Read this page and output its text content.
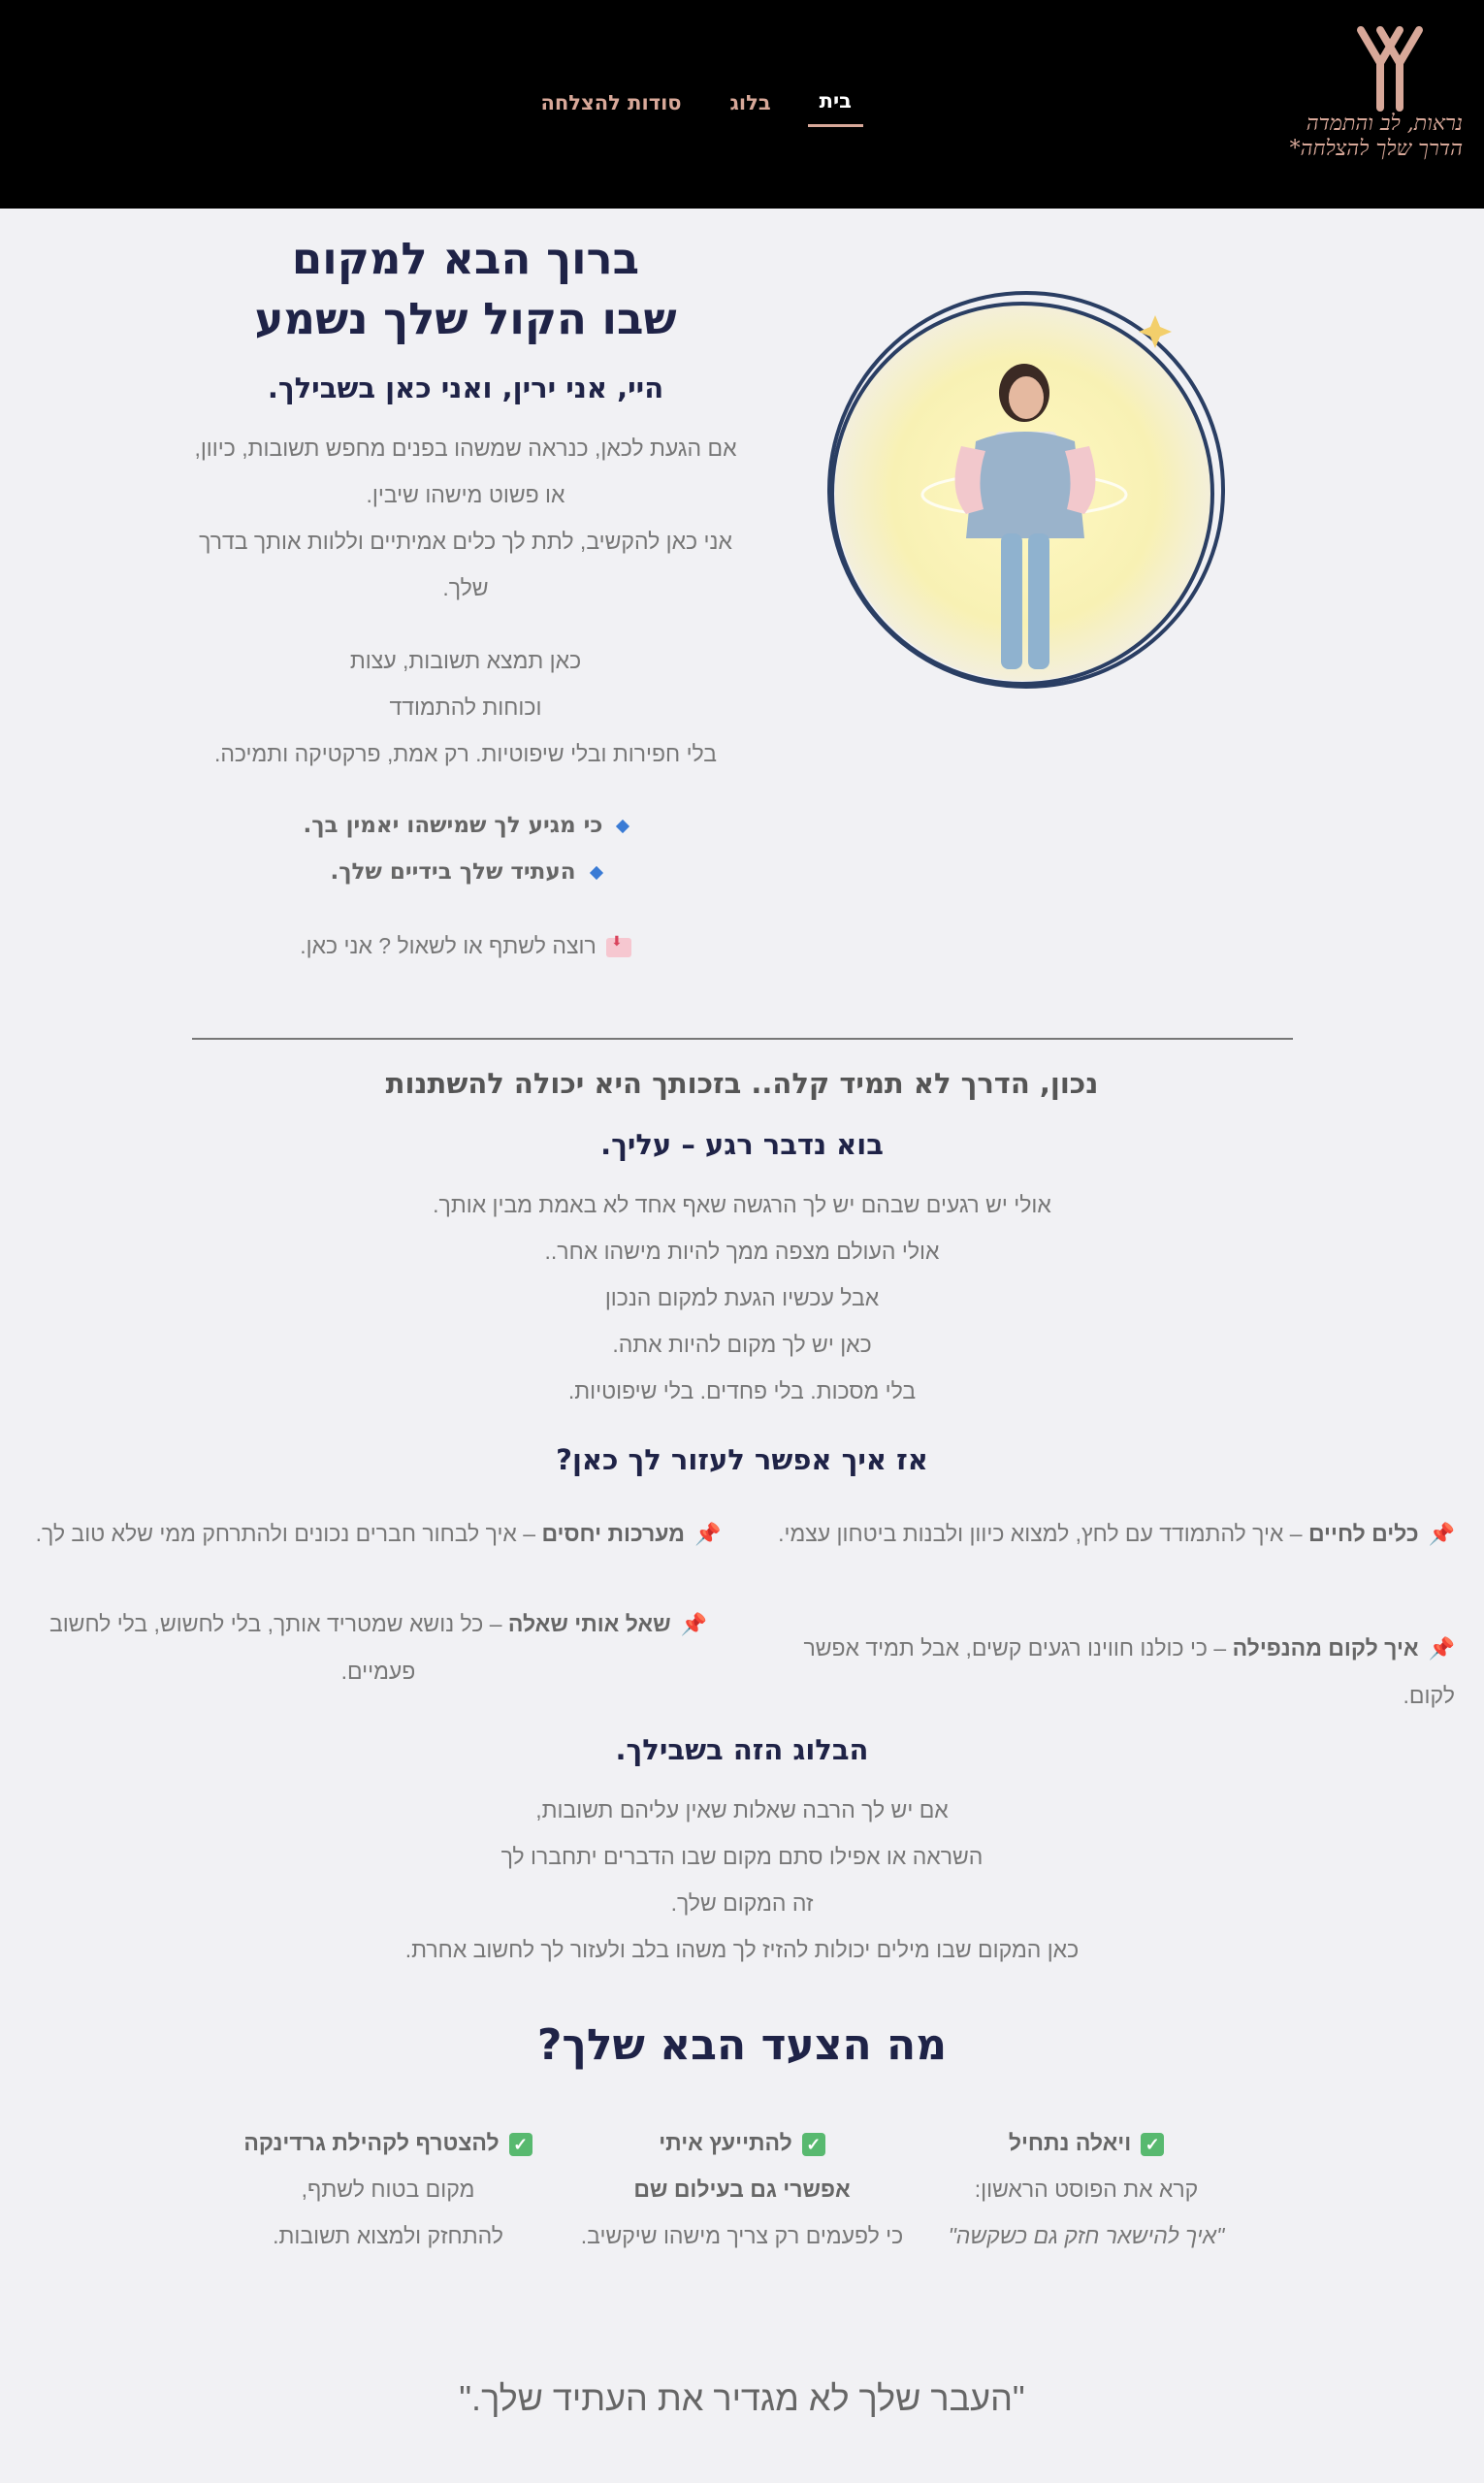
נראות, לב והתמדה
הדרך שלך להצלחה*
בית
בלוג
סודות להצלחה
ברוך הבא למקום
שבו הקול שלך נשמע
היי, אני ירין, ואני כאן בשבילך.

אם הגעת לכאן, כנראה שמשהו בפנים מחפש תשובות, כיוון,

או פשוט מישהו שיבין.

אני כאן להקשיב, לתת לך כלים אמיתיים וללוות אותך בדרך

שלך.

כאן תמצא תשובות, עצות

וכוחות להתמודד

בלי חפירות ובלי שיפוטיות. רק אמת, פרקטיקה ותמיכה.

כי מגיע לך שמישהו יאמין בך.
העתיד שלך בידיים שלך.
⬇
רוצה לשתף או לשאול ? אני כאן.
נכון, הדרך לא תמיד קלה.. בזכותך היא יכולה להשתנות
בוא נדבר רגע – עליך.

אולי יש רגעים שבהם יש לך הרגשה שאף אחד לא באמת מבין אותך.

אולי העולם מצפה ממך להיות מישהו אחר..

אבל עכשיו הגעת למקום הנכון

כאן יש לך מקום להיות אתה.

בלי מסכות. בלי פחדים. בלי שיפוטיות.

אז איך אפשר לעזור לך כאן?
📌כלים לחיים – איך להתמודד עם לחץ, למצוא כיוון ולבנות ביטחון עצמי.
📌מערכות יחסים – איך לבחור חברים נכונים ולהתרחק ממי שלא טוב לך.
📌איך לקום מהנפילה – כי כולנו חווינו רגעים קשים, אבל תמיד אפשר לקום.
📌שאל אותי שאלה – כל נושא שמטריד אותך, בלי לחשוש, בלי לחשוב
פעמיים.
הבלוג הזה בשבילך.

אם יש לך הרבה שאלות שאין עליהם תשובות,

השראה או אפילו סתם מקום שבו הדברים יתחברו לך

זה המקום שלך.

כאן המקום שבו מילים יכולות להזיז לך משהו בלב ולעזור לך לחשוב אחרת.

מה הצעד הבא שלך?
✓ויאלה נתחיל
קרא את הפוסט הראשון:
"איך להישאר חזק גם כשקשה"
✓להתייעץ איתי
אפשרי גם בעילום שם
כי לפעמים רק צריך מישהו שיקשיב.
✓להצטרף לקהילת גרדינקה
מקום בטוח לשתף,
להתחזק ולמצוא תשובות.
"העבר שלך לא מגדיר את העתיד שלך."
